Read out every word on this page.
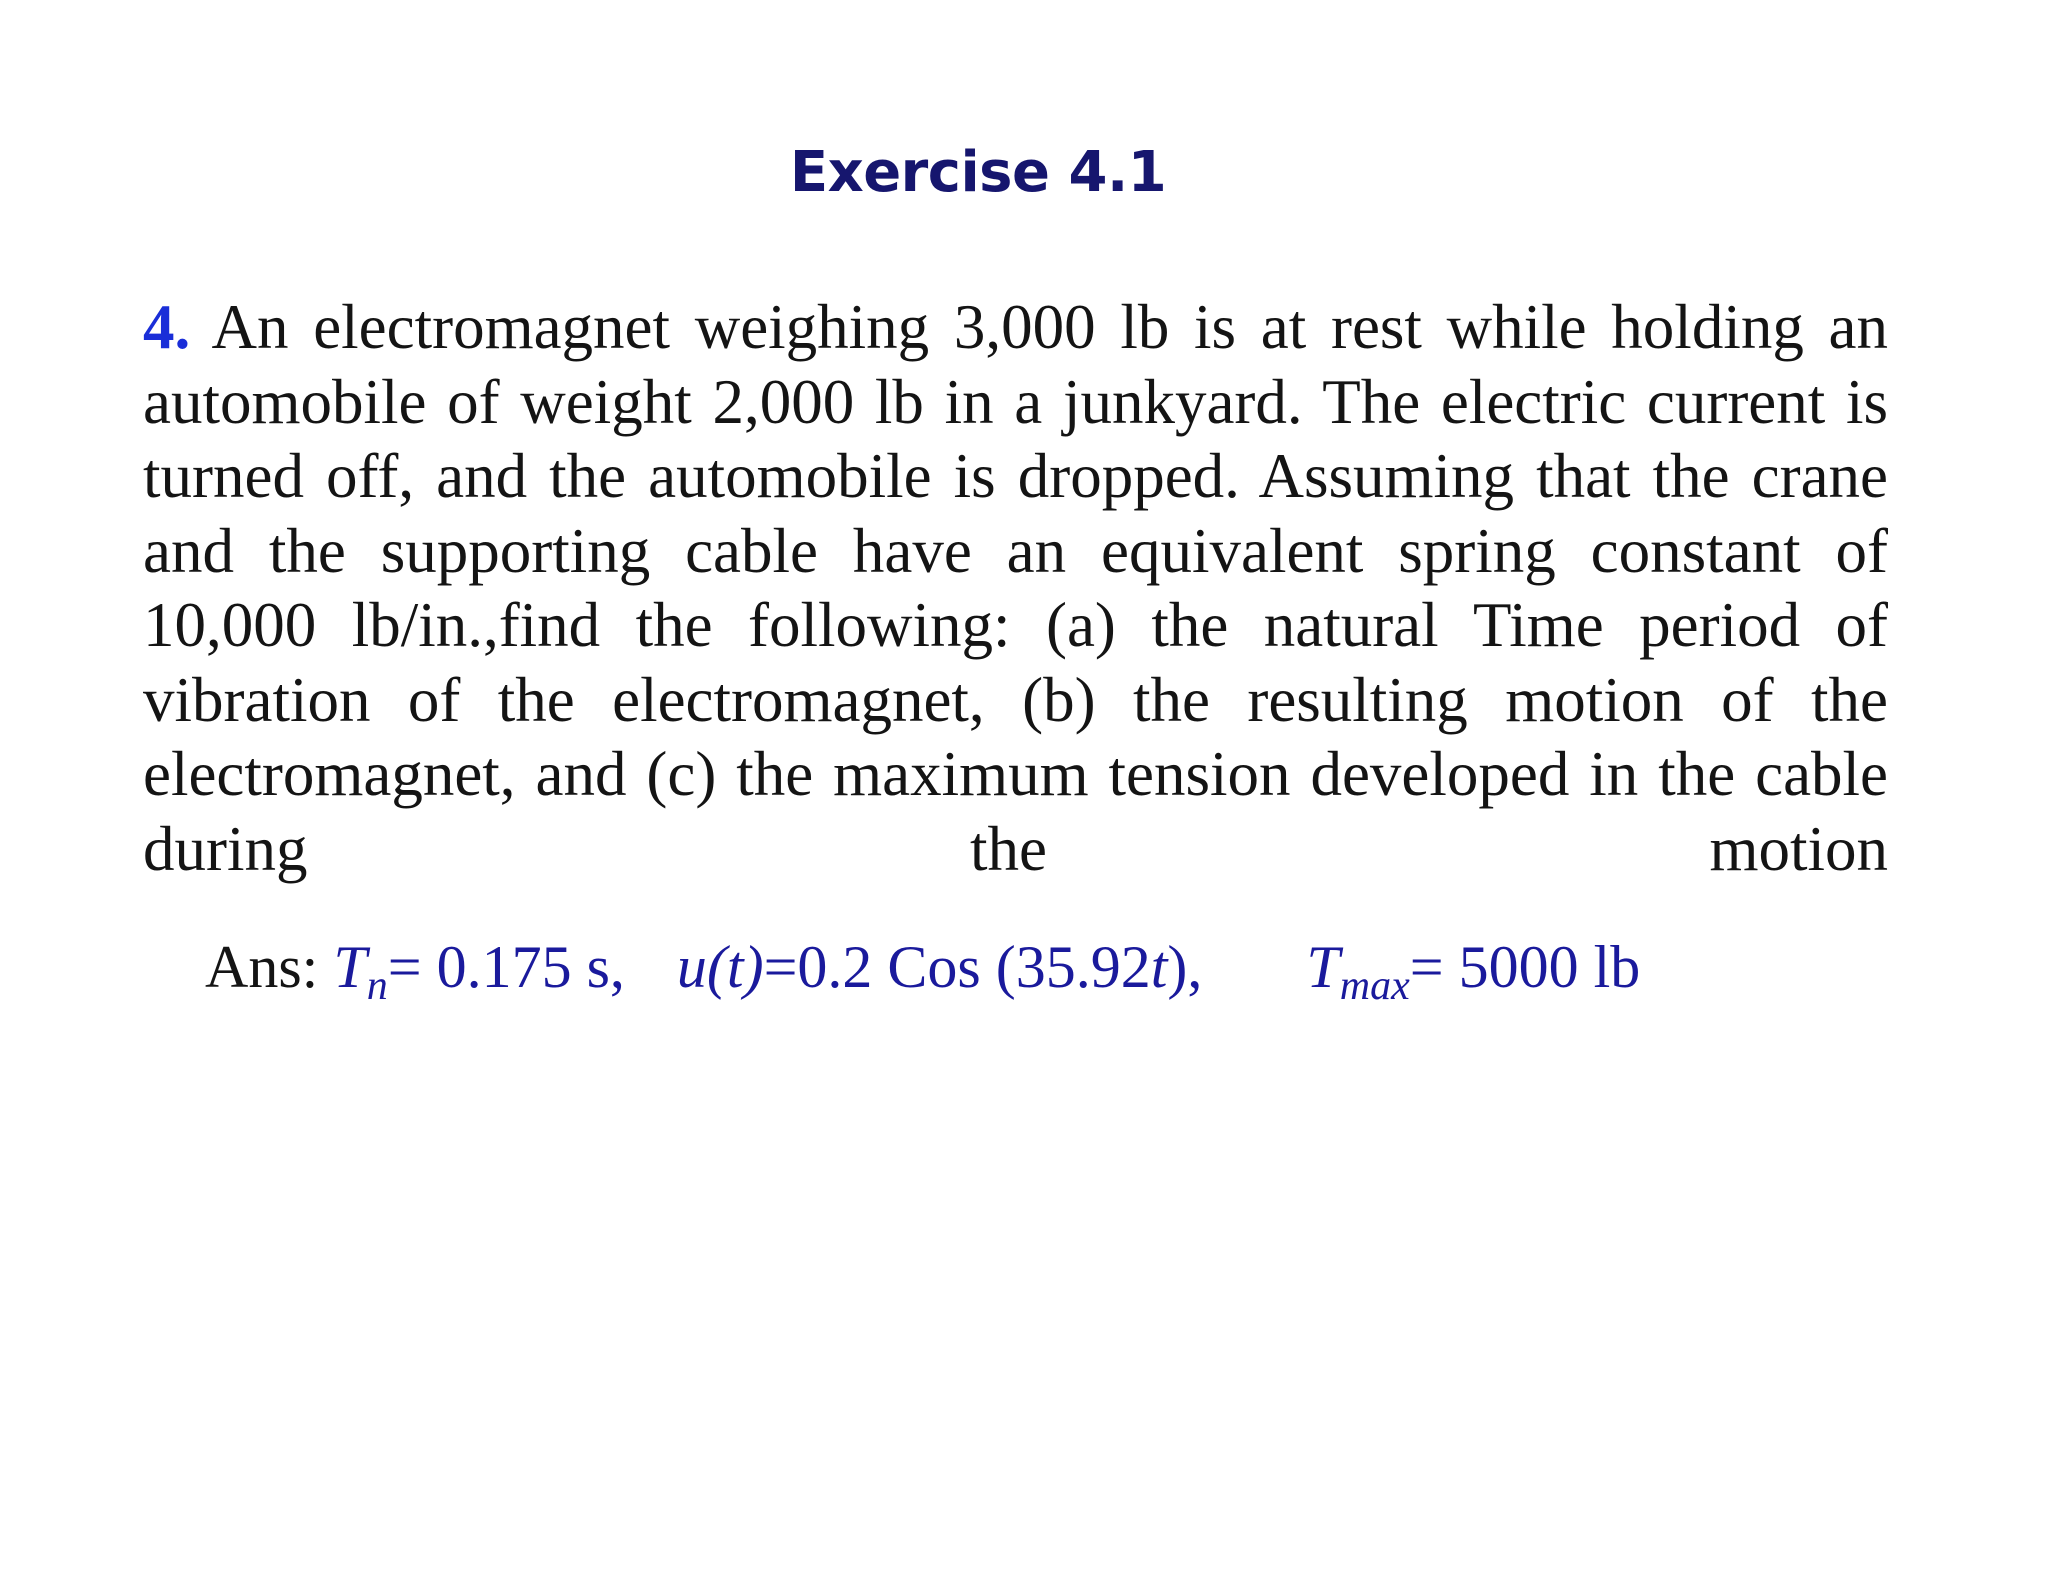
Exercise 4.1
4. An electromagnet weighing 3,000 lb is at rest while holding an automobile of weight 2,000 lb in a junkyard. The electric current is turned off, and the automobile is dropped. Assuming that the crane and the supporting cable have an equivalent spring constant of 10,000 lb/in.,find the following: (a) the natural Time period of vibration of the electromagnet, (b) the resulting motion of the electromagnet, and (c) the maximum tension developed in the cable during the motion
Ans: $T_n= 0.175$ s, u(t)=0.2 Cos (35.92t), $T_{max}= 5000$ lb
